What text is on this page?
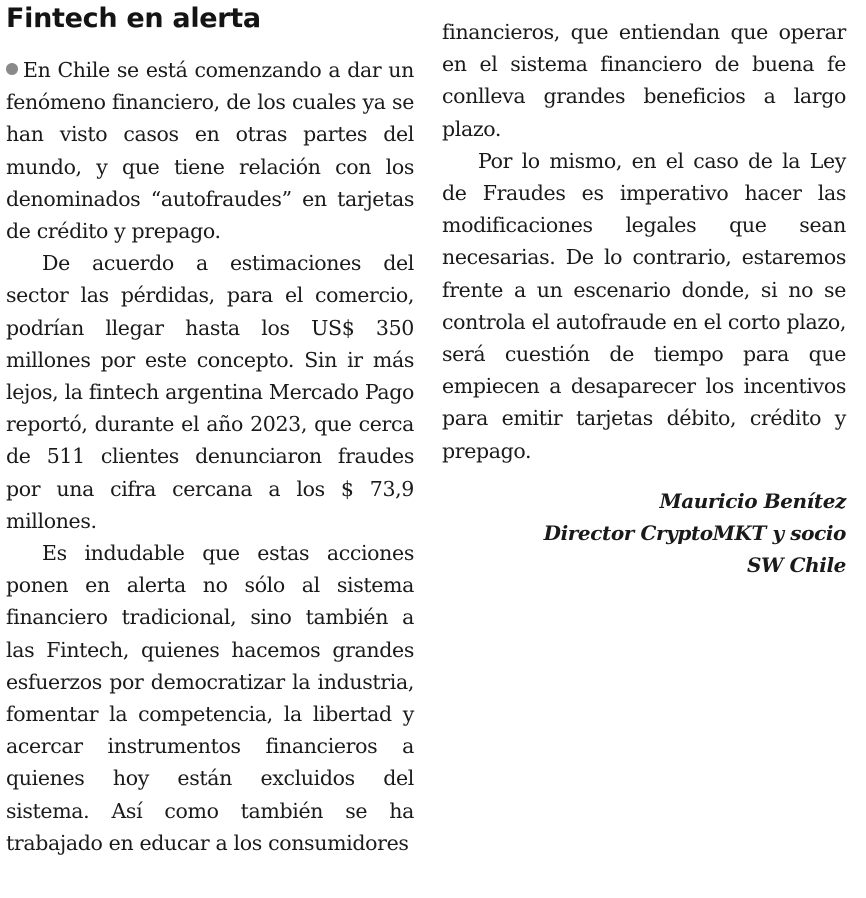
Fintech en alerta

En Chile se está comenzando a dar un fenómeno financiero, de los cuales ya se han visto casos en otras partes del mundo, y que tiene relación con los denominados “autofraudes” en tarjetas de crédito y prepago.

De acuerdo a estimaciones del sector las pérdidas, para el comercio, podrían llegar hasta los US$ 350 millones por este concepto. Sin ir más lejos, la fintech argentina Mercado Pago reportó, durante el año 2023, que cerca de 511 clientes denunciaron fraudes por una cifra cercana a los $ 73,9 millones.

Es indudable que estas acciones ponen en alerta no sólo al sistema financiero tradicional, sino también a las Fintech, quienes hacemos grandes esfuerzos por democratizar la industria, fomentar la competencia, la libertad y acercar instrumentos financieros a quienes hoy están excluidos del sistema. Así como también se ha trabajado en educar a los consumidores

financieros, que entiendan que operar en el sistema financiero de buena fe conlleva grandes beneficios a largo plazo.

Por lo mismo, en el caso de la Ley de Fraudes es imperativo hacer las modificaciones legales que sean necesarias. De lo contrario, estaremos frente a un escenario donde, si no se controla el autofraude en el corto plazo, será cuestión de tiempo para que empiecen a desaparecer los incentivos para emitir tarjetas débito, crédito y prepago.

Mauricio Benítez
Director CryptoMKT y socio
SW Chile
